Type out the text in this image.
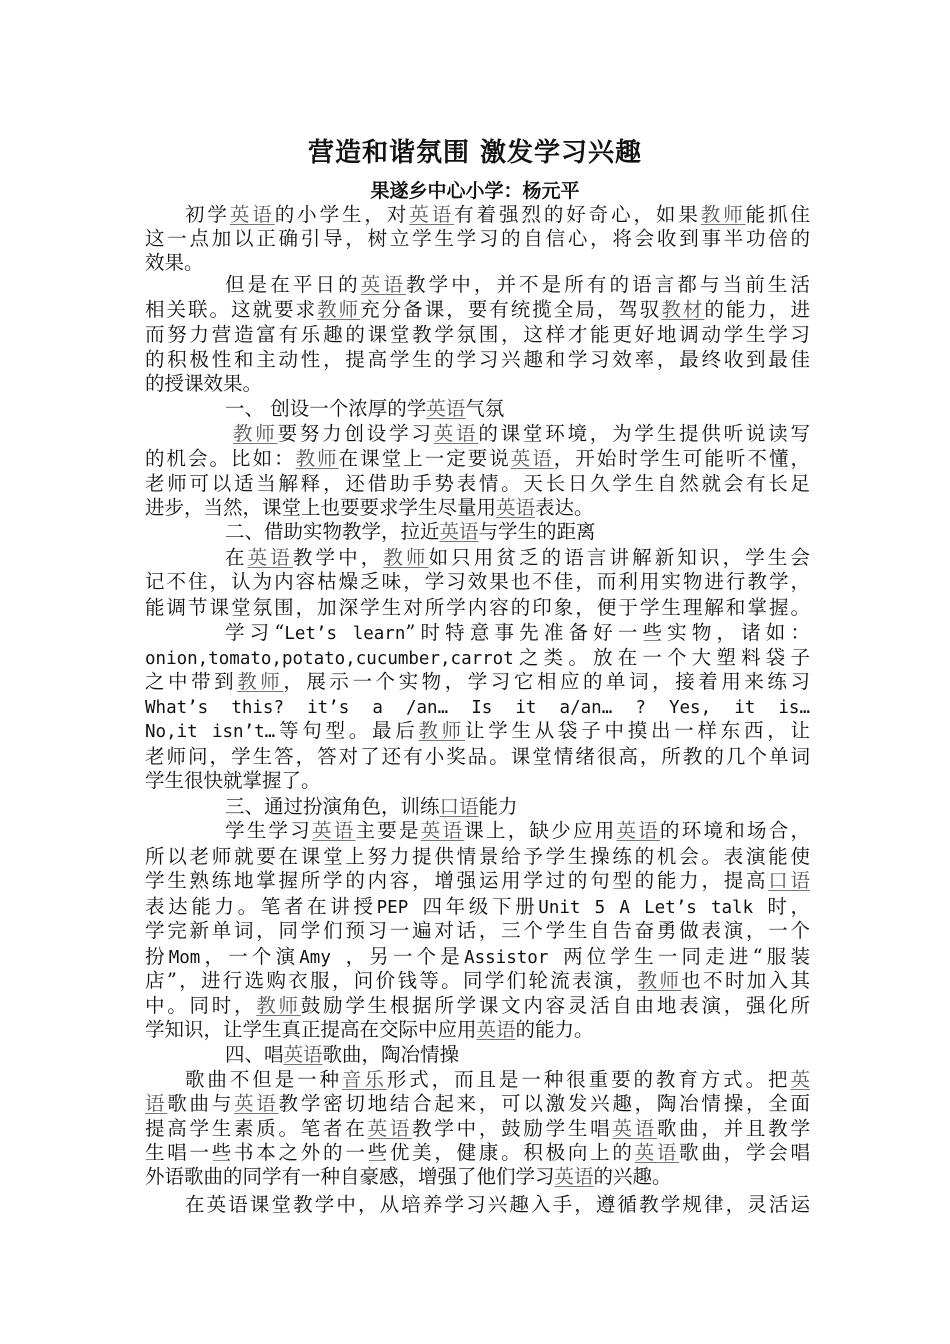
营造和谐氛围 激发学习兴趣
果遂乡中心小学：杨元平
初学英语的小学生，对英语有着强烈的好奇心，如果教师能抓住
这一点加以正确引导，树立学生学习的自信心，将会收到事半功倍的
效果。
但是在平日的英语教学中，并不是所有的语言都与当前生活
相关联。这就要求教师充分备课，要有统揽全局，驾驭教材的能力，进
而努力营造富有乐趣的课堂教学氛围，这样才能更好地调动学生学习
的积极性和主动性，提高学生的学习兴趣和学习效率，最终收到最佳
的授课效果。
一、 创设一个浓厚的学英语气氛
教师要努力创设学习英语的课堂环境，为学生提供听说读写
的机会。比如：教师在课堂上一定要说英语，开始时学生可能听不懂，
老师可以适当解释，还借助手势表情。天长日久学生自然就会有长足
进步，当然，课堂上也要要求学生尽量用英语表达。
二、借助实物教学，拉近英语与学生的距离
在英语教学中，教师如只用贫乏的语言讲解新知识，学生会
记不住，认为内容枯燥乏味，学习效果也不佳，而利用实物进行教学，
能调节课堂氛围，加深学生对所学内容的印象，便于学生理解和掌握。
学习“Let’s learn”时特意事先准备好一些实物，诸如：
onion,tomato,potato,cucumber,carrot之类。放在一个大塑料袋子
之中带到教师，展示一个实物，学习它相应的单词，接着用来练习
What’s this? it’s a /an… Is it a/an… ? Yes, it is…
No,it isn’t…等句型。最后教师让学生从袋子中摸出一样东西，让
老师问，学生答，答对了还有小奖品。课堂情绪很高，所教的几个单词
学生很快就掌握了。
三、通过扮演角色，训练口语能力
学生学习英语主要是英语课上，缺少应用英语的环境和场合，
所以老师就要在课堂上努力提供情景给予学生操练的机会。表演能使
学生熟练地掌握所学的内容，增强运用学过的句型的能力，提高口语
表达能力。笔者在讲授PEP 四年级下册Unit 5 A Let’s talk 时，
学完新单词，同学们预习一遍对话，三个学生自告奋勇做表演，一个
扮Mom，一个演Amy ，另一个是Assistor 两位学生一同走进“服装
店”，进行选购衣服，问价钱等。同学们轮流表演，教师也不时加入其
中。同时，教师鼓励学生根据所学课文内容灵活自由地表演，强化所
学知识，让学生真正提高在交际中应用英语的能力。
四、唱英语歌曲，陶冶情操
歌曲不但是一种音乐形式，而且是一种很重要的教育方式。把英
语歌曲与英语教学密切地结合起来，可以激发兴趣，陶冶情操，全面
提高学生素质。笔者在英语教学中，鼓励学生唱英语歌曲，并且教学
生唱一些书本之外的一些优美，健康。积极向上的英语歌曲，学会唱
外语歌曲的同学有一种自豪感，增强了他们学习英语的兴趣。
在英语课堂教学中，从培养学习兴趣入手，遵循教学规律，灵活运
